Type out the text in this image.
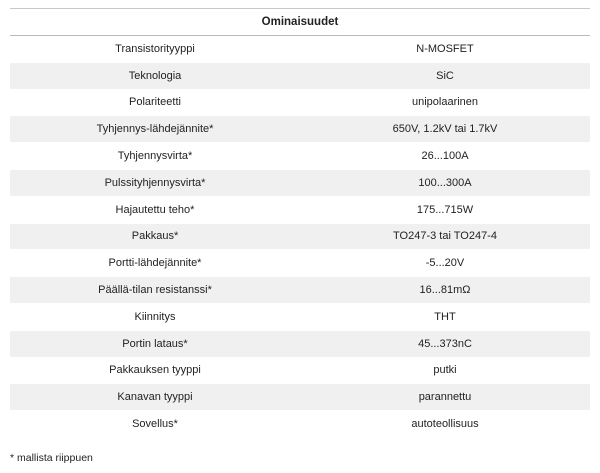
Ominaisuudet	
Transistorityyppi	N-MOSFET
Teknologia	SiC
Polariteetti	unipolaarinen
Tyhjennys-lähdejännite*	650V, 1.2kV tai 1.7kV
Tyhjennysvirta*	26...100A
Pulssityhjennysvirta*	100...300A
Hajautettu teho*	175...715W
Pakkaus*	TO247-3 tai TO247-4
Portti-lähdejännite*	-5...20V
Päällä-tilan resistanssi*	16...81mΩ
Kiinnitys	THT
Portin lataus*	45...373nC
Pakkauksen tyyppi	putki
Kanavan tyyppi	parannettu
Sovellus*	autoteollisuus
* mallista riippuen
